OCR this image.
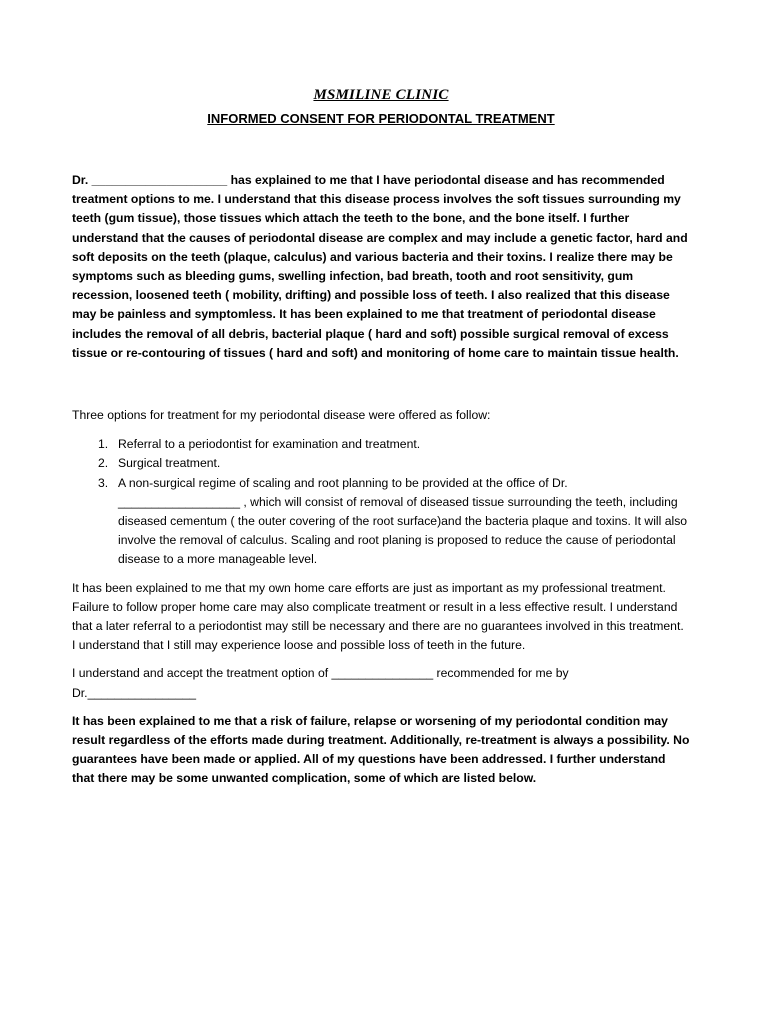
MSMILINE CLINIC
INFORMED CONSENT FOR PERIODONTAL TREATMENT

Dr. ____________________ has explained to me that I have periodontal disease and has recommended treatment options to me. I understand that this disease process involves the soft tissues surrounding my teeth (gum tissue), those tissues which attach the teeth to the bone, and the bone itself. I further understand that the causes of periodontal disease are complex and may include a genetic factor, hard and soft deposits on the teeth (plaque, calculus) and various bacteria and their toxins. I realize there may be symptoms such as bleeding gums, swelling infection, bad breath, tooth and root sensitivity, gum recession, loosened teeth ( mobility, drifting) and possible loss of teeth. I also realized that this disease may be painless and symptomless. It has been explained to me that treatment of periodontal disease includes the removal of all debris, bacterial plaque ( hard and soft) possible surgical removal of excess tissue or re-contouring of tissues ( hard and soft) and monitoring of home care to maintain tissue health.

Three options for treatment for my periodontal disease were offered as follow:

1. Referral to a periodontist for examination and treatment.
2. Surgical treatment.
3. A non-surgical regime of scaling and root planning to be provided at the office of Dr. __________________ , which will consist of removal of diseased tissue surrounding the teeth, including diseased cementum ( the outer covering of the root surface)and the bacteria plaque and toxins. It will also involve the removal of calculus. Scaling and root planing is proposed to reduce the cause of periodontal disease to a more manageable level.

It has been explained to me that my own home care efforts are just as important as my professional treatment. Failure to follow proper home care may also complicate treatment or result in a less effective result. I understand that a later referral to a periodontist may still be necessary and there are no guarantees involved in this treatment. I understand that I still may experience loose and possible loss of teeth in the future.

I understand and accept the treatment option of _______________ recommended for me by Dr.________________

It has been explained to me that a risk of failure, relapse or worsening of my periodontal condition may result regardless of the efforts made during treatment. Additionally, re-treatment is always a possibility. No guarantees have been made or applied. All of my questions have been addressed. I further understand that there may be some unwanted complication, some of which are listed below.
